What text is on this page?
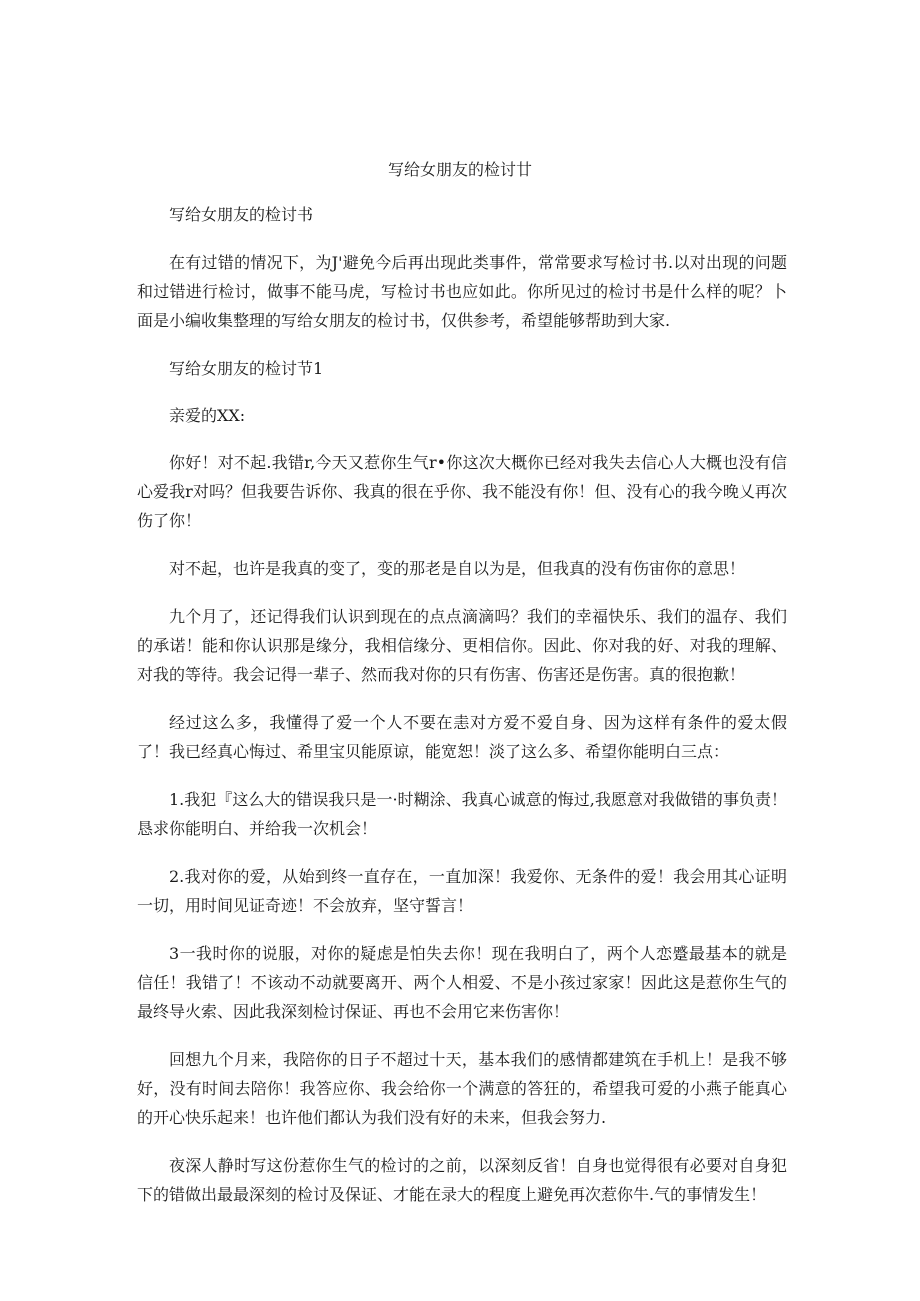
写给女朋友的检讨廿

写给女朋友的检讨书

在有过错的情况下，为J'避免今后再出现此类事件，常常要求写检讨书.以对出现的问题和过错进行检讨，做事不能马虎，写检讨书也应如此。你所见过的检讨书是什么样的呢？卜面是小编收集整理的写给女朋友的检讨书，仅供参考，希望能够帮助到大家.

写给女朋友的检讨节1

亲爱的XX:

你好！对不起.我错r,今天又惹你生气r•你这次大概你已经对我失去信心人大概也没有信心爱我r对吗？但我要告诉你、我真的很在乎你、我不能没有你！但、没有心的我今晚乂再次伤了你！

对不起，也许是我真的变了，变的那老是自以为是，但我真的没有伤宙你的意思！

九个月了，还记得我们认识到现在的点点滴滴吗？我们的幸福快乐、我们的温存、我们的承诺！能和你认识那是缘分，我相信缘分、更相信你。因此、你对我的好、对我的理解、对我的等待。我会记得一辈子、然而我对你的只有伤害、伤害还是伤害。真的很抱歉！

经过这么多，我懂得了爱一个人不要在恚对方爱不爱自身、因为这样有条件的爱太假了！我已经真心悔过、希里宝贝能原谅，能宽恕！淡了这么多、希望你能明白三点：

1.我犯『这么大的错误我只是一·时糊涂、我真心诚意的悔过,我愿意对我做错的事负责！恳求你能明白、并给我一次机会！

2.我对你的爱，从始到终一直存在，一直加深！我爱你、无条件的爱！我会用其心证明一切，用时间见证奇迹！不会放弃，坚守誓言！

3一我时你的说服，对你的疑虑是怕失去你！现在我明白了，两个人恋蹙最基本的就是信任！我错了！不该动不动就要离开、两个人相爱、不是小孩过家家！因此这是惹你生气的最终导火索、因此我深刻检讨保证、再也不会用它来伤害你！

回想九个月来，我陪你的日子不超过十天，基本我们的感情都建筑在手机上！是我不够好，没有时间去陪你！我答应你、我会给你一个满意的答狂的，希望我可爱的小燕子能真心的开心快乐起来！也许他们都认为我们没有好的未来，但我会努力.

夜深人静时写这份惹你生气的检讨的之前，以深刻反省！自身也觉得很有必要对自身犯下的错做出最最深刻的检讨及保证、才能在录大的程度上避免再次惹你牛.气的事情发生！
